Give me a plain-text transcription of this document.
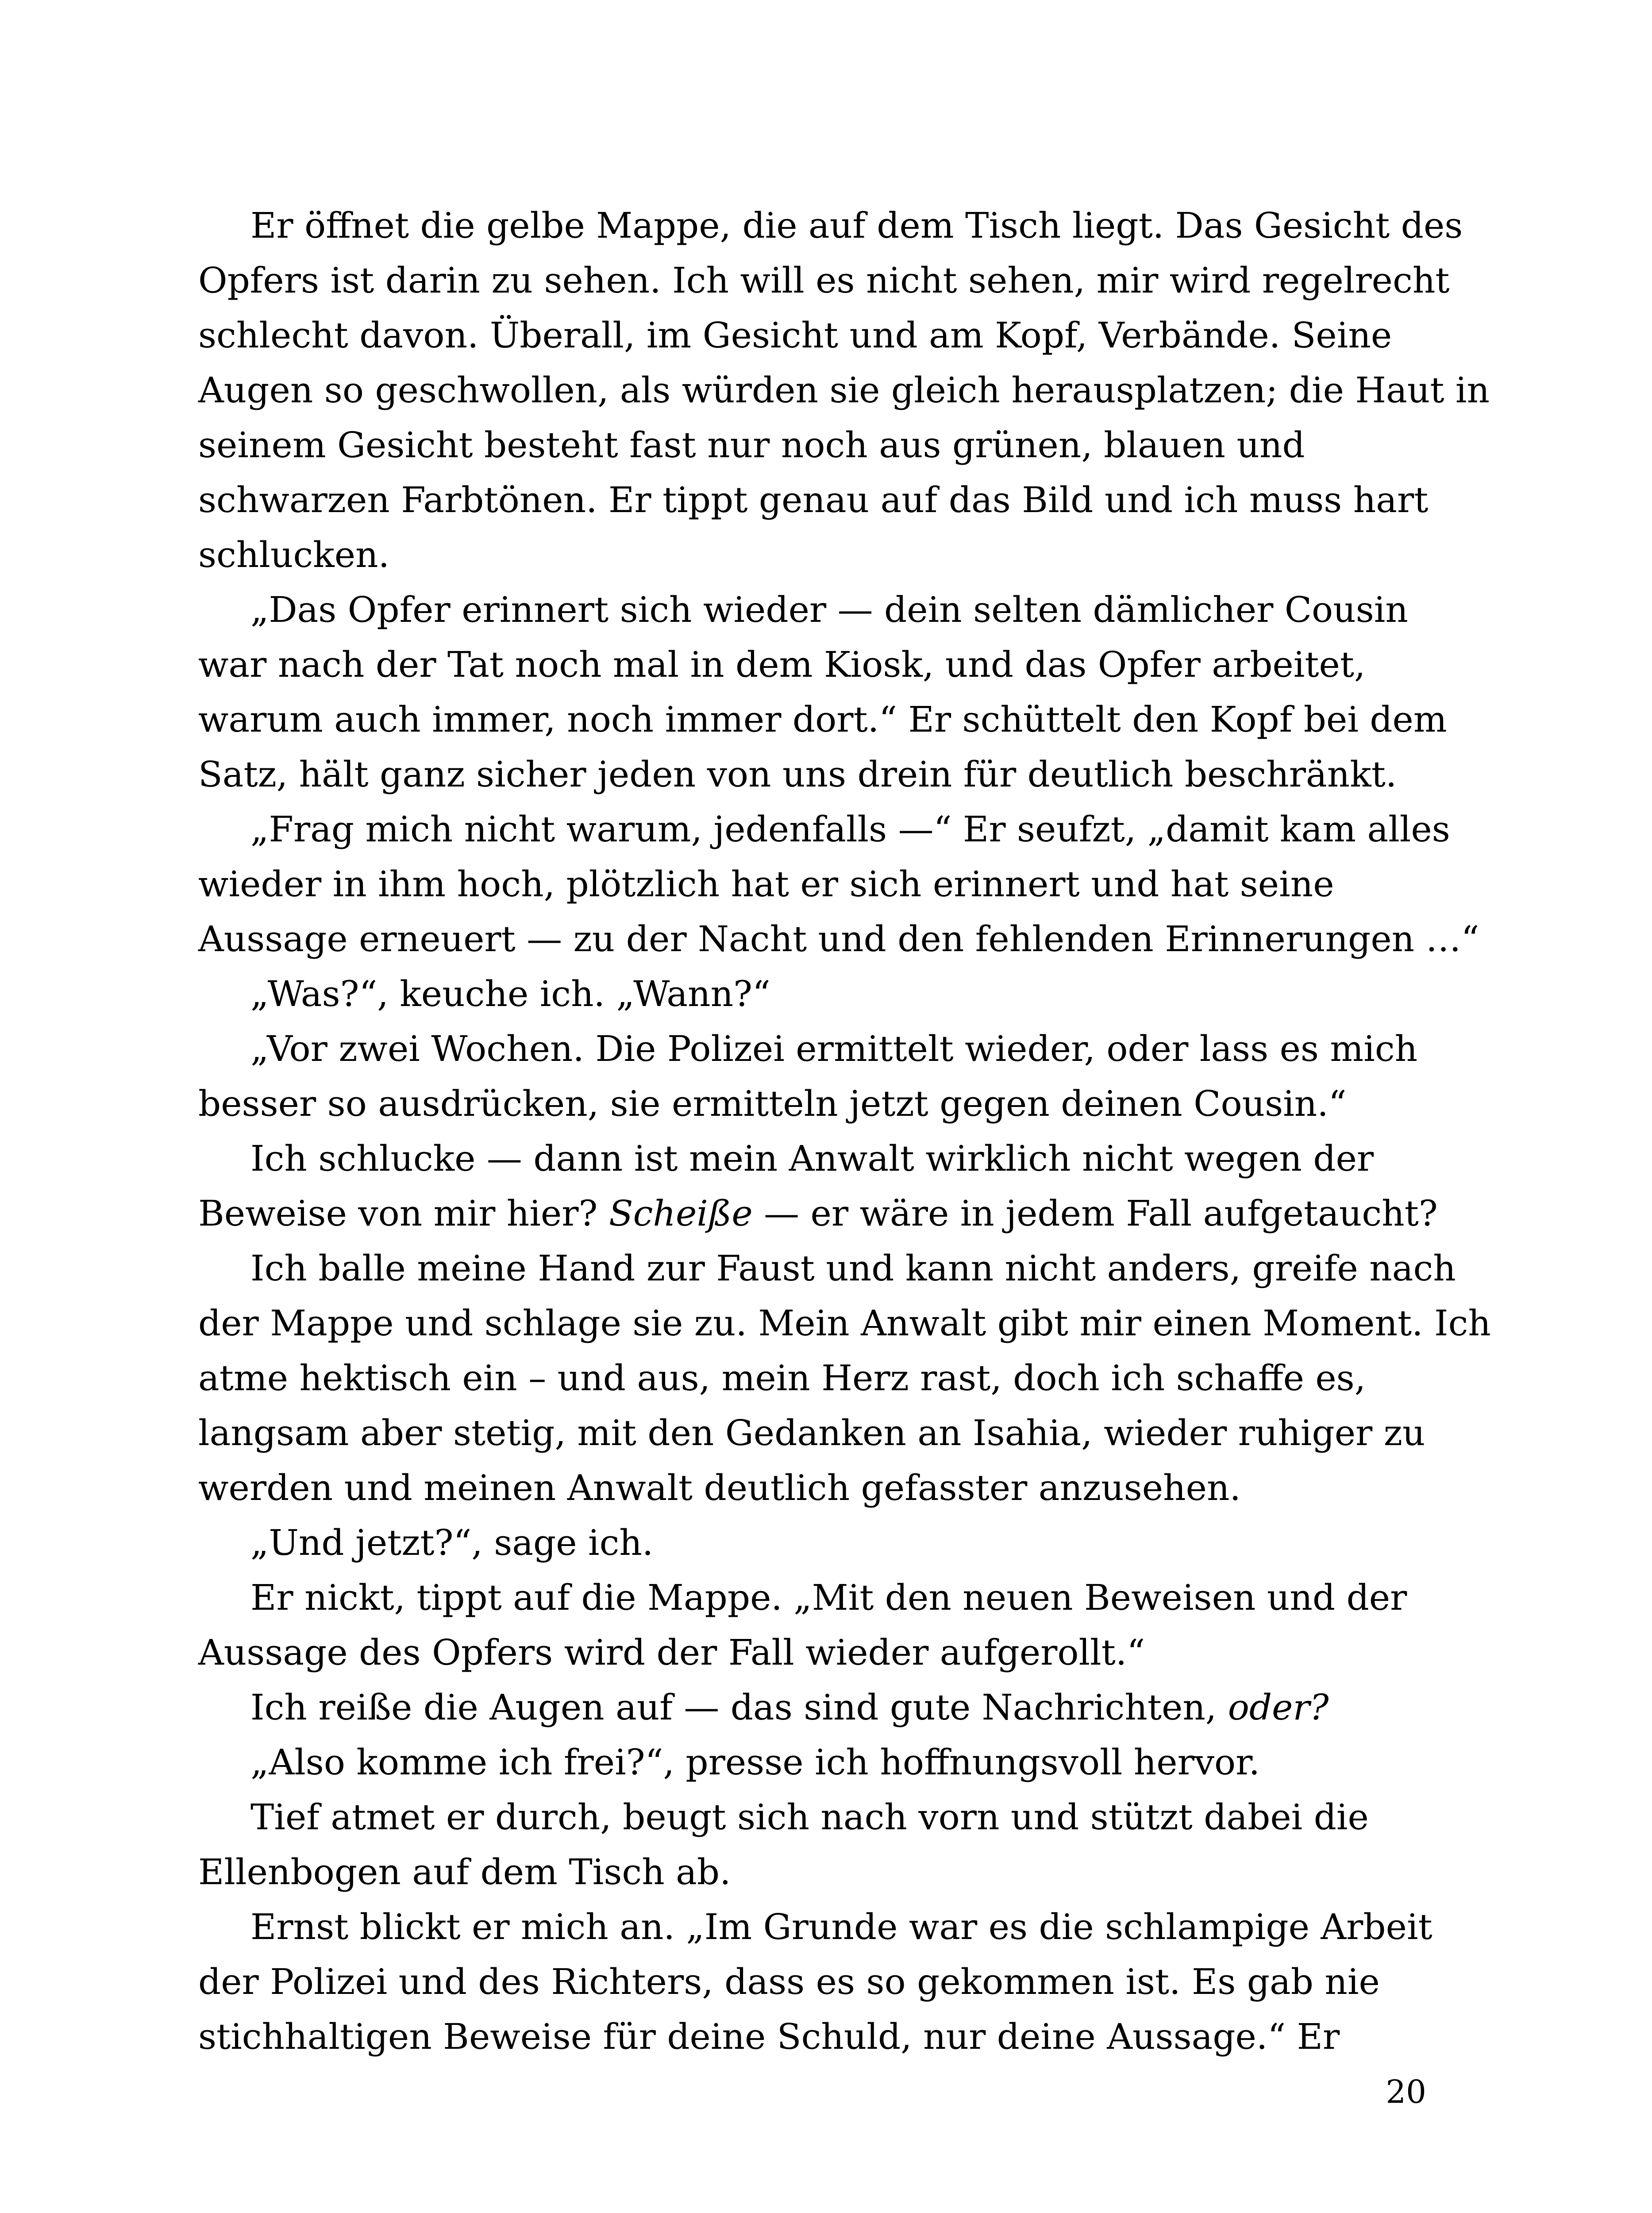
Er öffnet die gelbe Mappe, die auf dem Tisch liegt. Das Gesicht des
Opfers ist darin zu sehen. Ich will es nicht sehen, mir wird regelrecht
schlecht davon. Überall, im Gesicht und am Kopf, Verbände. Seine
Augen so geschwollen, als würden sie gleich herausplatzen; die Haut in
seinem Gesicht besteht fast nur noch aus grünen, blauen und
schwarzen Farbtönen. Er tippt genau auf das Bild und ich muss hart
schlucken.
„Das Opfer erinnert sich wieder — dein selten dämlicher Cousin
war nach der Tat noch mal in dem Kiosk, und das Opfer arbeitet,
warum auch immer, noch immer dort.“ Er schüttelt den Kopf bei dem
Satz, hält ganz sicher jeden von uns drein für deutlich beschränkt.
„Frag mich nicht warum, jedenfalls —“ Er seufzt, „damit kam alles
wieder in ihm hoch, plötzlich hat er sich erinnert und hat seine
Aussage erneuert — zu der Nacht und den fehlenden Erinnerungen …“
„Was?“, keuche ich. „Wann?“
„Vor zwei Wochen. Die Polizei ermittelt wieder, oder lass es mich
besser so ausdrücken, sie ermitteln jetzt gegen deinen Cousin.“
Ich schlucke — dann ist mein Anwalt wirklich nicht wegen der
Beweise von mir hier? Scheiße — er wäre in jedem Fall aufgetaucht?
Ich balle meine Hand zur Faust und kann nicht anders, greife nach
der Mappe und schlage sie zu. Mein Anwalt gibt mir einen Moment. Ich
atme hektisch ein – und aus, mein Herz rast, doch ich schaffe es,
langsam aber stetig, mit den Gedanken an Isahia, wieder ruhiger zu
werden und meinen Anwalt deutlich gefasster anzusehen.
„Und jetzt?“, sage ich.
Er nickt, tippt auf die Mappe. „Mit den neuen Beweisen und der
Aussage des Opfers wird der Fall wieder aufgerollt.“
Ich reiße die Augen auf — das sind gute Nachrichten, oder?
„Also komme ich frei?“, presse ich hoffnungsvoll hervor.
Tief atmet er durch, beugt sich nach vorn und stützt dabei die
Ellenbogen auf dem Tisch ab.
Ernst blickt er mich an. „Im Grunde war es die schlampige Arbeit
der Polizei und des Richters, dass es so gekommen ist. Es gab nie
stichhaltigen Beweise für deine Schuld, nur deine Aussage.“ Er
20
